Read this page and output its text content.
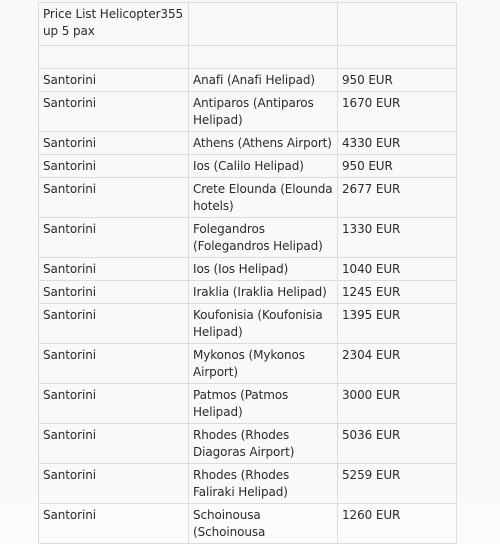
Price List Helicopter355 up 5 pax		

Santorini	Anafi (Anafi Helipad)	950 EUR
Santorini	Antiparos (Antiparos Helipad)	1670 EUR
Santorini	Athens (Athens Airport)	4330 EUR
Santorini	Ios (Calilo Helipad)	950 EUR
Santorini	Crete Elounda (Elounda hotels)	2677 EUR
Santorini	Folegandros (Folegandros Helipad)	1330 EUR
Santorini	Ios (Ios Helipad)	1040 EUR
Santorini	Iraklia (Iraklia Helipad)	1245 EUR
Santorini	Koufonisia (Koufonisia Helipad)	1395 EUR
Santorini	Mykonos (Mykonos Airport)	2304 EUR
Santorini	Patmos (Patmos Helipad)	3000 EUR
Santorini	Rhodes (Rhodes Diagoras Airport)	5036 EUR
Santorini	Rhodes (Rhodes Faliraki Helipad)	5259 EUR
Santorini	Schoinousa (Schoinousa	1260 EUR
